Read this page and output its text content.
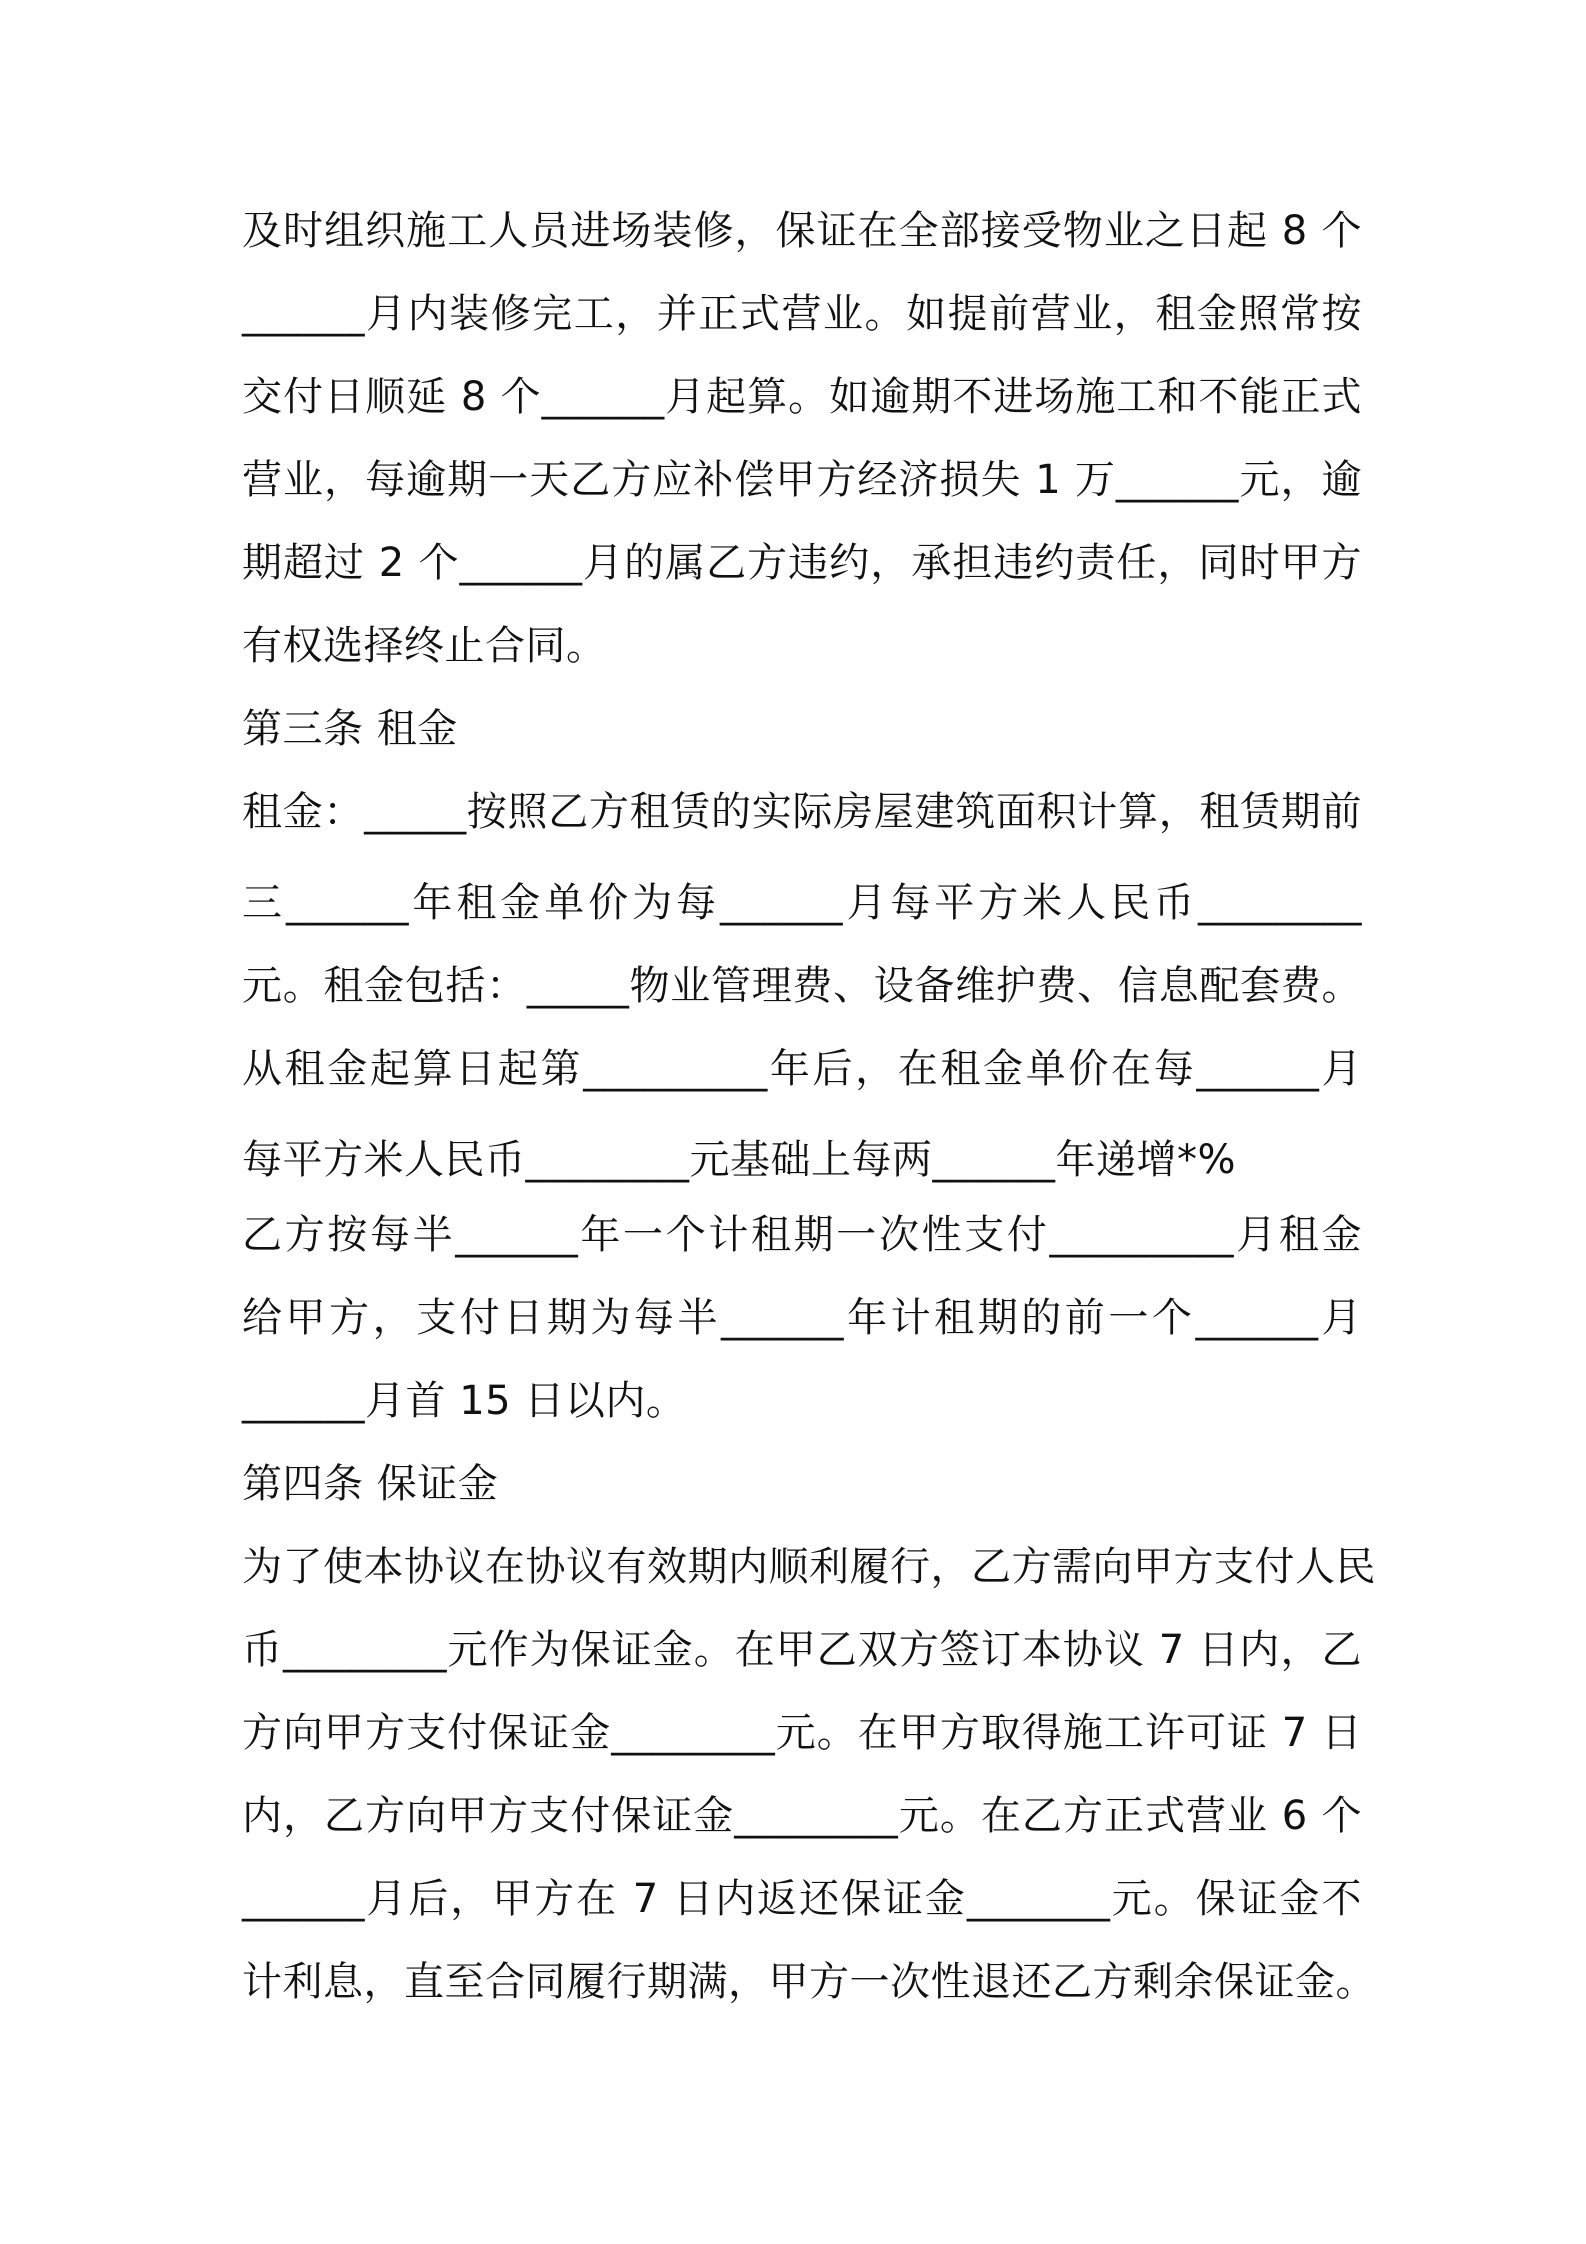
及时组织施工人员进场装修，保证在全部接受物业之日起 8 个
______月内装修完工，并正式营业。如提前营业，租金照常按
交付日顺延 8 个______月起算。如逾期不进场施工和不能正式
营业，每逾期一天乙方应补偿甲方经济损失 1 万______元，逾
期超过 2 个______月的属乙方违约，承担违约责任，同时甲方
有权选择终止合同。
第三条 租金
租金：_____按照乙方租赁的实际房屋建筑面积计算，租赁期前
三______年租金单价为每______月每平方米人民币________
元。租金包括：_____物业管理费、设备维护费、信息配套费。
从租金起算日起第_________年后，在租金单价在每______月
每平方米人民币________元基础上每两______年递增*%
乙方按每半______年一个计租期一次性支付_________月租金
给甲方，支付日期为每半______年计租期的前一个______月
______月首 15 日以内。
第四条 保证金
为了使本协议在协议有效期内顺利履行，乙方需向甲方支付人民
币________元作为保证金。在甲乙双方签订本协议 7 日内，乙
方向甲方支付保证金________元。在甲方取得施工许可证 7 日
内，乙方向甲方支付保证金________元。在乙方正式营业 6 个
______月后，甲方在 7 日内返还保证金_______元。保证金不
计利息，直至合同履行期满，甲方一次性退还乙方剩余保证金。
